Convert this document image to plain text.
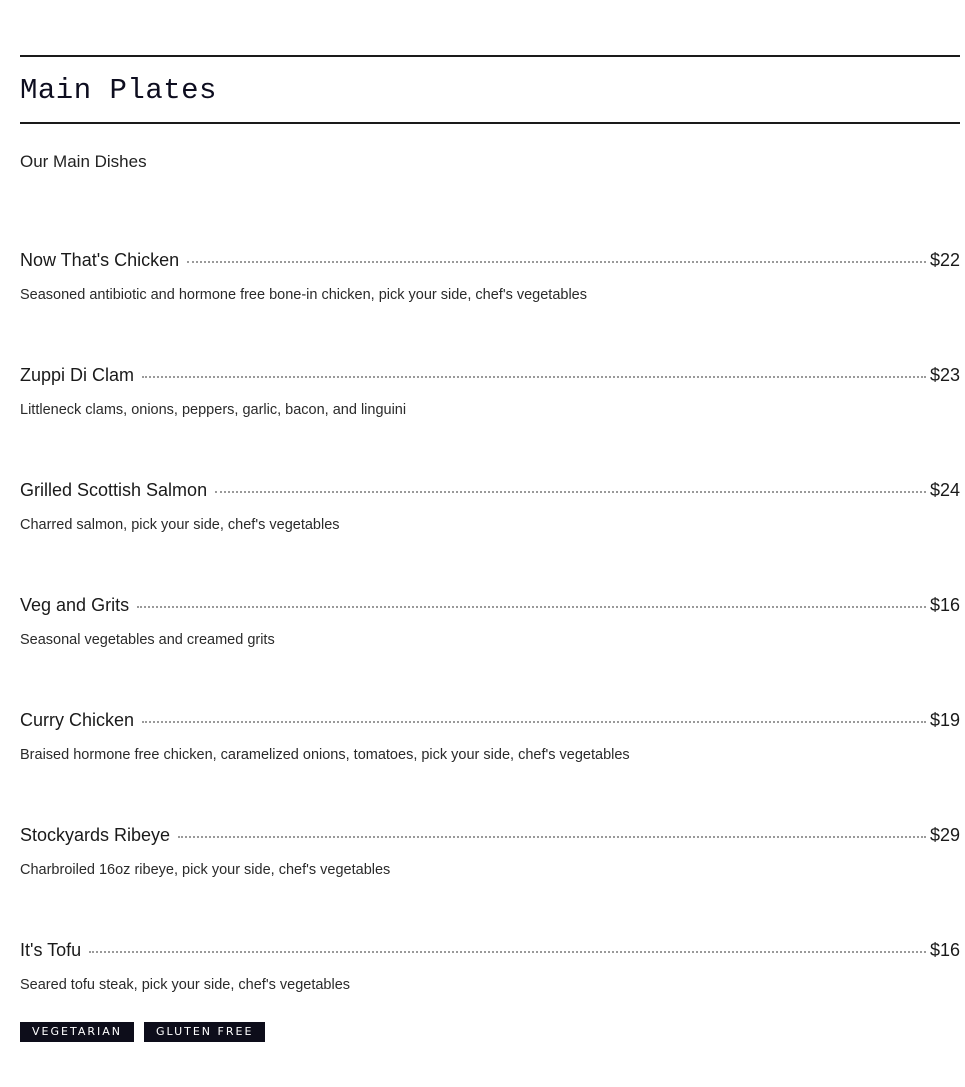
Main Plates

Our Main Dishes

Now That's Chicken	$22

Seasoned antibiotic and hormone free bone-in chicken, pick your side, chef's vegetables

Zuppi Di Clam	$23

Littleneck clams, onions, peppers, garlic, bacon, and linguini

Grilled Scottish Salmon	$24

Charred salmon, pick your side, chef's vegetables

Veg and Grits	$16

Seasonal vegetables and creamed grits

Curry Chicken	$19

Braised hormone free chicken, caramelized onions, tomatoes, pick your side, chef's vegetables

Stockyards Ribeye	$29

Charbroiled 16oz ribeye, pick your side, chef's vegetables

It's Tofu	$16

Seared tofu steak, pick your side, chef's vegetables

VEGETARIAN	GLUTEN FREE
